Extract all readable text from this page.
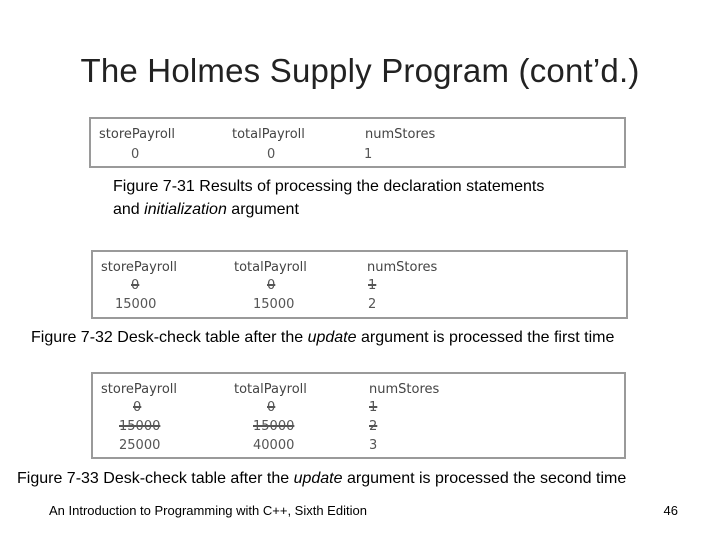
The Holmes Supply Program (cont’d.)
storePayroll	totalPayroll	numStores
0	0	1
Figure 7-31 Results of processing the declaration statements
and initialization argument
storePayroll	totalPayroll	numStores
0	0	1
15000	15000	2
Figure 7-32 Desk-check table after the update argument is processed the first time
storePayroll	totalPayroll	numStores
0	0	1
15000	15000	2
25000	40000	3
Figure 7-33 Desk-check table after the update argument is processed the second time
An Introduction to Programming with C++, Sixth Edition	46
